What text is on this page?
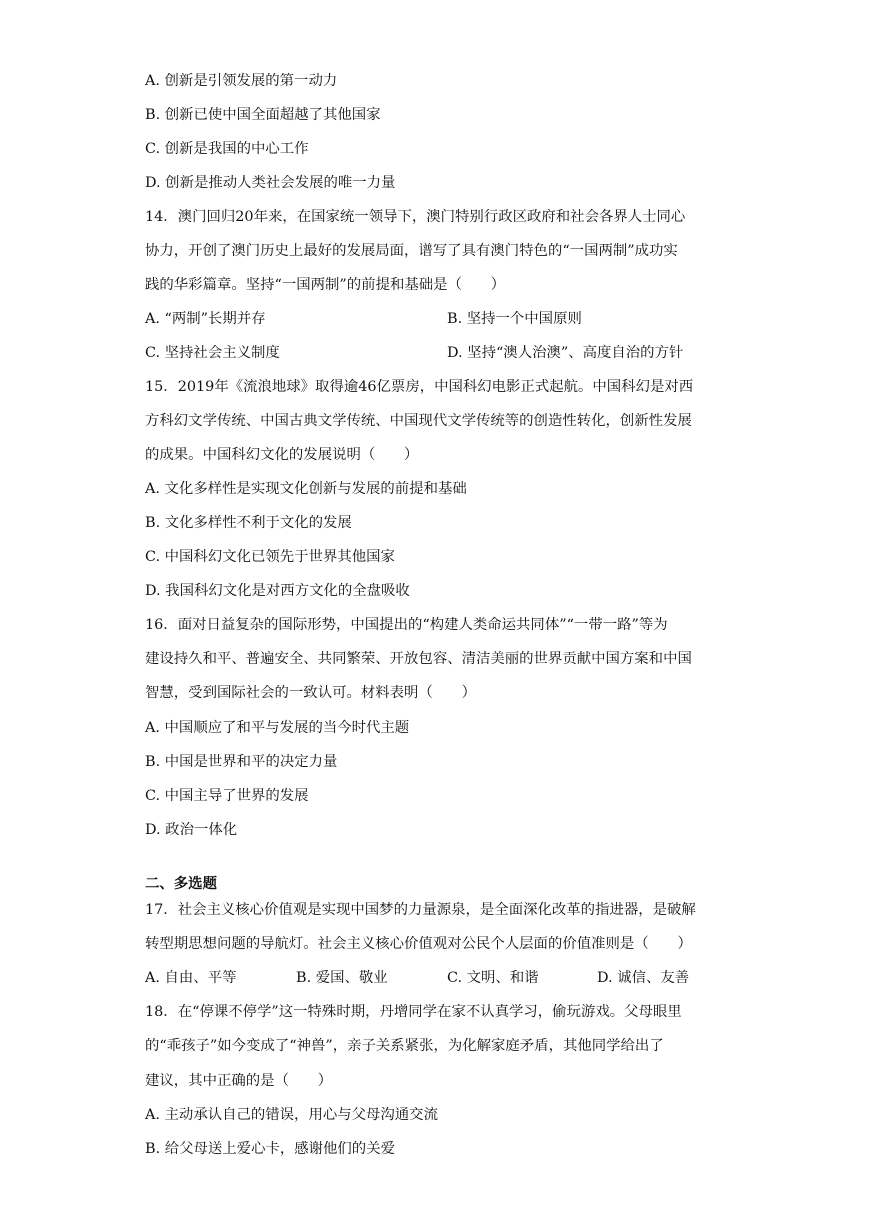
A. 创新是引领发展的第一动力
B. 创新已使中国全面超越了其他国家
C. 创新是我国的中心工作
D. 创新是推动人类社会发展的唯一力量
14．澳门回归20年来，在国家统一领导下，澳门特别行政区政府和社会各界人士同心
协力，开创了澳门历史上最好的发展局面，谱写了具有澳门特色的“一国两制”成功实
践的华彩篇章。坚持“一国两制”的前提和基础是（　　）
A. “两制”长期并存	B. 坚持一个中国原则
C. 坚持社会主义制度	D. 坚持“澳人治澳”、高度自治的方针
15．2019年《流浪地球》取得逾46亿票房，中国科幻电影正式起航。中国科幻是对西
方科幻文学传统、中国古典文学传统、中国现代文学传统等的创造性转化，创新性发展
的成果。中国科幻文化的发展说明（　　）
A. 文化多样性是实现文化创新与发展的前提和基础
B. 文化多样性不利于文化的发展
C. 中国科幻文化已领先于世界其他国家
D. 我国科幻文化是对西方文化的全盘吸收
16．面对日益复杂的国际形势，中国提出的“构建人类命运共同体”“一带一路”等为
建设持久和平、普遍安全、共同繁荣、开放包容、清洁美丽的世界贡献中国方案和中国
智慧，受到国际社会的一致认可。材料表明（　　）
A. 中国顺应了和平与发展的当今时代主题
B. 中国是世界和平的决定力量
C. 中国主导了世界的发展
D. 政治一体化
二、多选题
17．社会主义核心价值观是实现中国梦的力量源泉，是全面深化改革的指进器，是破解
转型期思想问题的导航灯。社会主义核心价值观对公民个人层面的价值准则是（　　）
A. 自由、平等	B. 爱国、敬业	C. 文明、和谐	D. 诚信、友善
18．在“停课不停学”这一特殊时期，丹增同学在家不认真学习，偷玩游戏。父母眼里
的“乖孩子”如今变成了“神兽”，亲子关系紧张，为化解家庭矛盾，其他同学给出了
建议，其中正确的是（　　）
A. 主动承认自己的错误，用心与父母沟通交流
B. 给父母送上爱心卡，感谢他们的关爱
